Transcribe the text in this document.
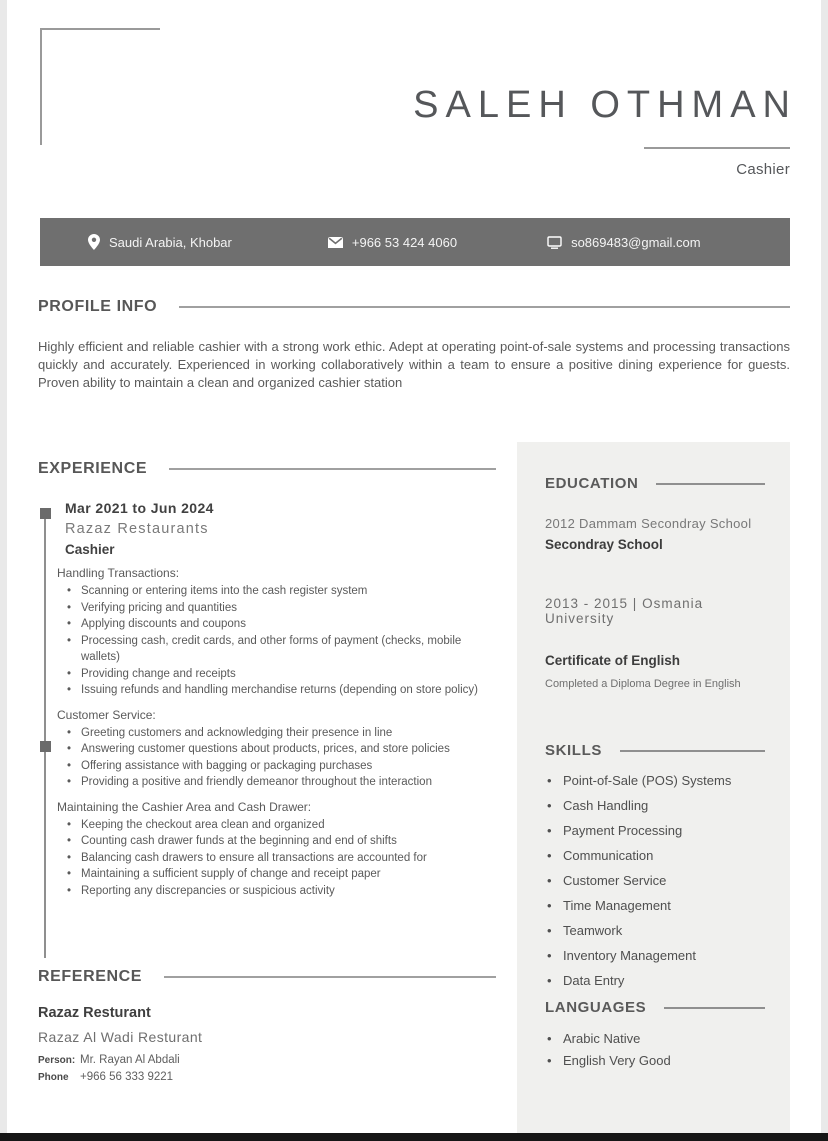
SALEH OTHMAN
Cashier
Saudi Arabia, Khobar	+966 53 424 4060	so869483@gmail.com
PROFILE INFO

Highly efficient and reliable cashier with a strong work ethic. Adept at operating point-of-sale systems and processing transactions quickly and accurately. Experienced in working collaboratively within a team to ensure a positive dining experience for guests. Proven ability to maintain a clean and organized cashier station

EXPERIENCE
Mar 2021 to Jun 2024
Razaz Restaurants
Cashier
Handling Transactions:
• Scanning or entering items into the cash register system
• Verifying pricing and quantities
• Applying discounts and coupons
• Processing cash, credit cards, and other forms of payment (checks, mobile wallets)
• Providing change and receipts
• Issuing refunds and handling merchandise returns (depending on store policy)
Customer Service:
• Greeting customers and acknowledging their presence in line
• Answering customer questions about products, prices, and store policies
• Offering assistance with bagging or packaging purchases
• Providing a positive and friendly demeanor throughout the interaction
Maintaining the Cashier Area and Cash Drawer:
• Keeping the checkout area clean and organized
• Counting cash drawer funds at the beginning and end of shifts
• Balancing cash drawers to ensure all transactions are accounted for
• Maintaining a sufficient supply of change and receipt paper
• Reporting any discrepancies or suspicious activity
REFERENCE
Razaz Resturant
Razaz Al Wadi Resturant
Person: Mr. Rayan Al Abdali
Phone +966 56 333 9221
EDUCATION
2012 Dammam Secondray School
Secondray School
2013 - 2015 | Osmania University
Certificate of English
Completed a Diploma Degree in English
SKILLS
• Point-of-Sale (POS) Systems
• Cash Handling
• Payment Processing
• Communication
• Customer Service
• Time Management
• Teamwork
• Inventory Management
• Data Entry
LANGUAGES
• Arabic Native
• English Very Good
